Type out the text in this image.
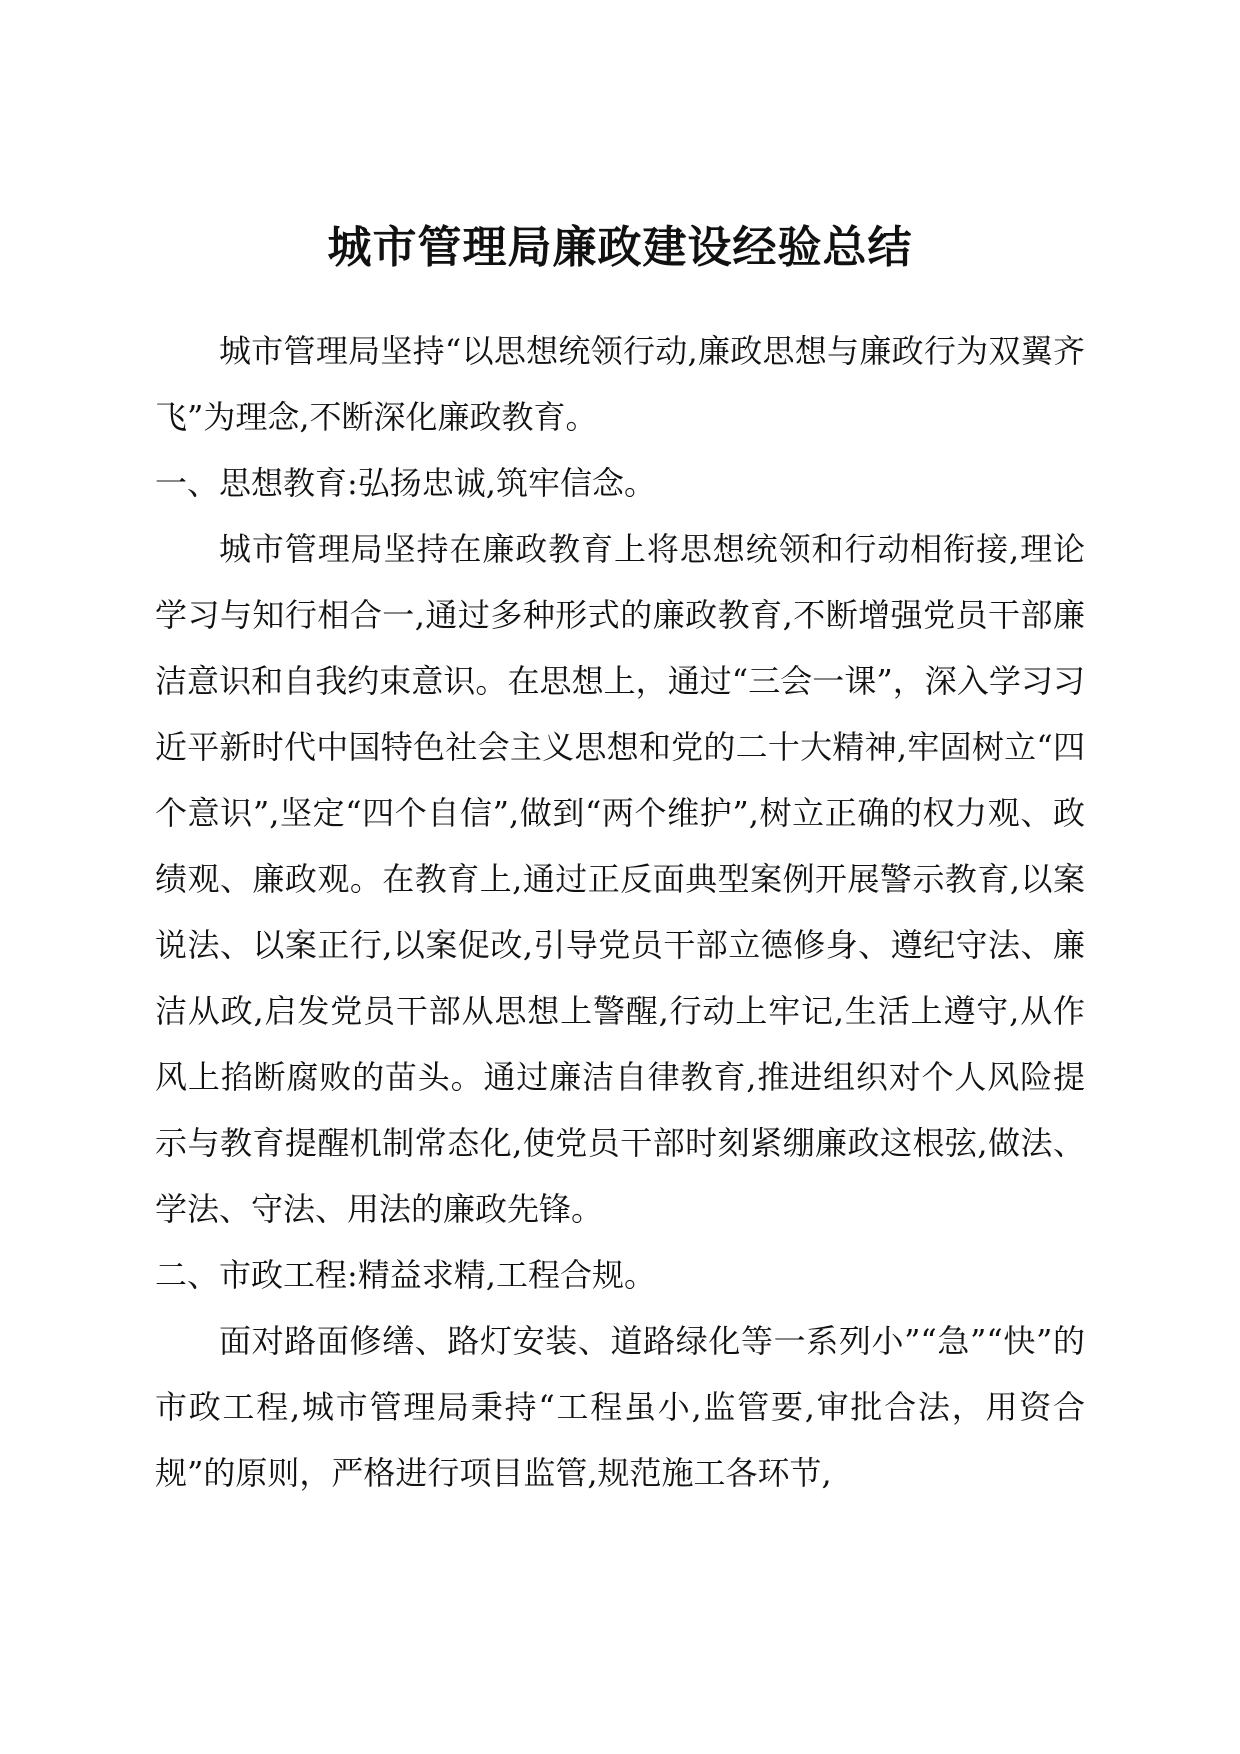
城市管理局廉政建设经验总结

城市管理局坚持“以思想统领行动,廉政思想与廉政行为双翼齐飞”为理念,不断深化廉政教育。

一、思想教育:弘扬忠诚,筑牢信念。

城市管理局坚持在廉政教育上将思想统领和行动相衔接,理论学习与知行相合一,通过多种形式的廉政教育,不断增强党员干部廉洁意识和自我约束意识。在思想上，通过“三会一课”，深入学习习近平新时代中国特色社会主义思想和党的二十大精神,牢固树立“四个意识”,坚定“四个自信”,做到“两个维护”,树立正确的权力观、政绩观、廉政观。在教育上,通过正反面典型案例开展警示教育,以案说法、以案正行,以案促改,引导党员干部立德修身、遵纪守法、廉洁从政,启发党员干部从思想上警醒,行动上牢记,生活上遵守,从作风上掐断腐败的苗头。通过廉洁自律教育,推进组织对个人风险提示与教育提醒机制常态化,使党员干部时刻紧绷廉政这根弦,做法、学法、守法、用法的廉政先锋。

二、市政工程:精益求精,工程合规。

面对路面修缮、路灯安装、道路绿化等一系列小”“急”“快”的市政工程,城市管理局秉持“工程虽小,监管要,审批合法，用资合规”的原则，严格进行项目监管,规范施工各环节,
